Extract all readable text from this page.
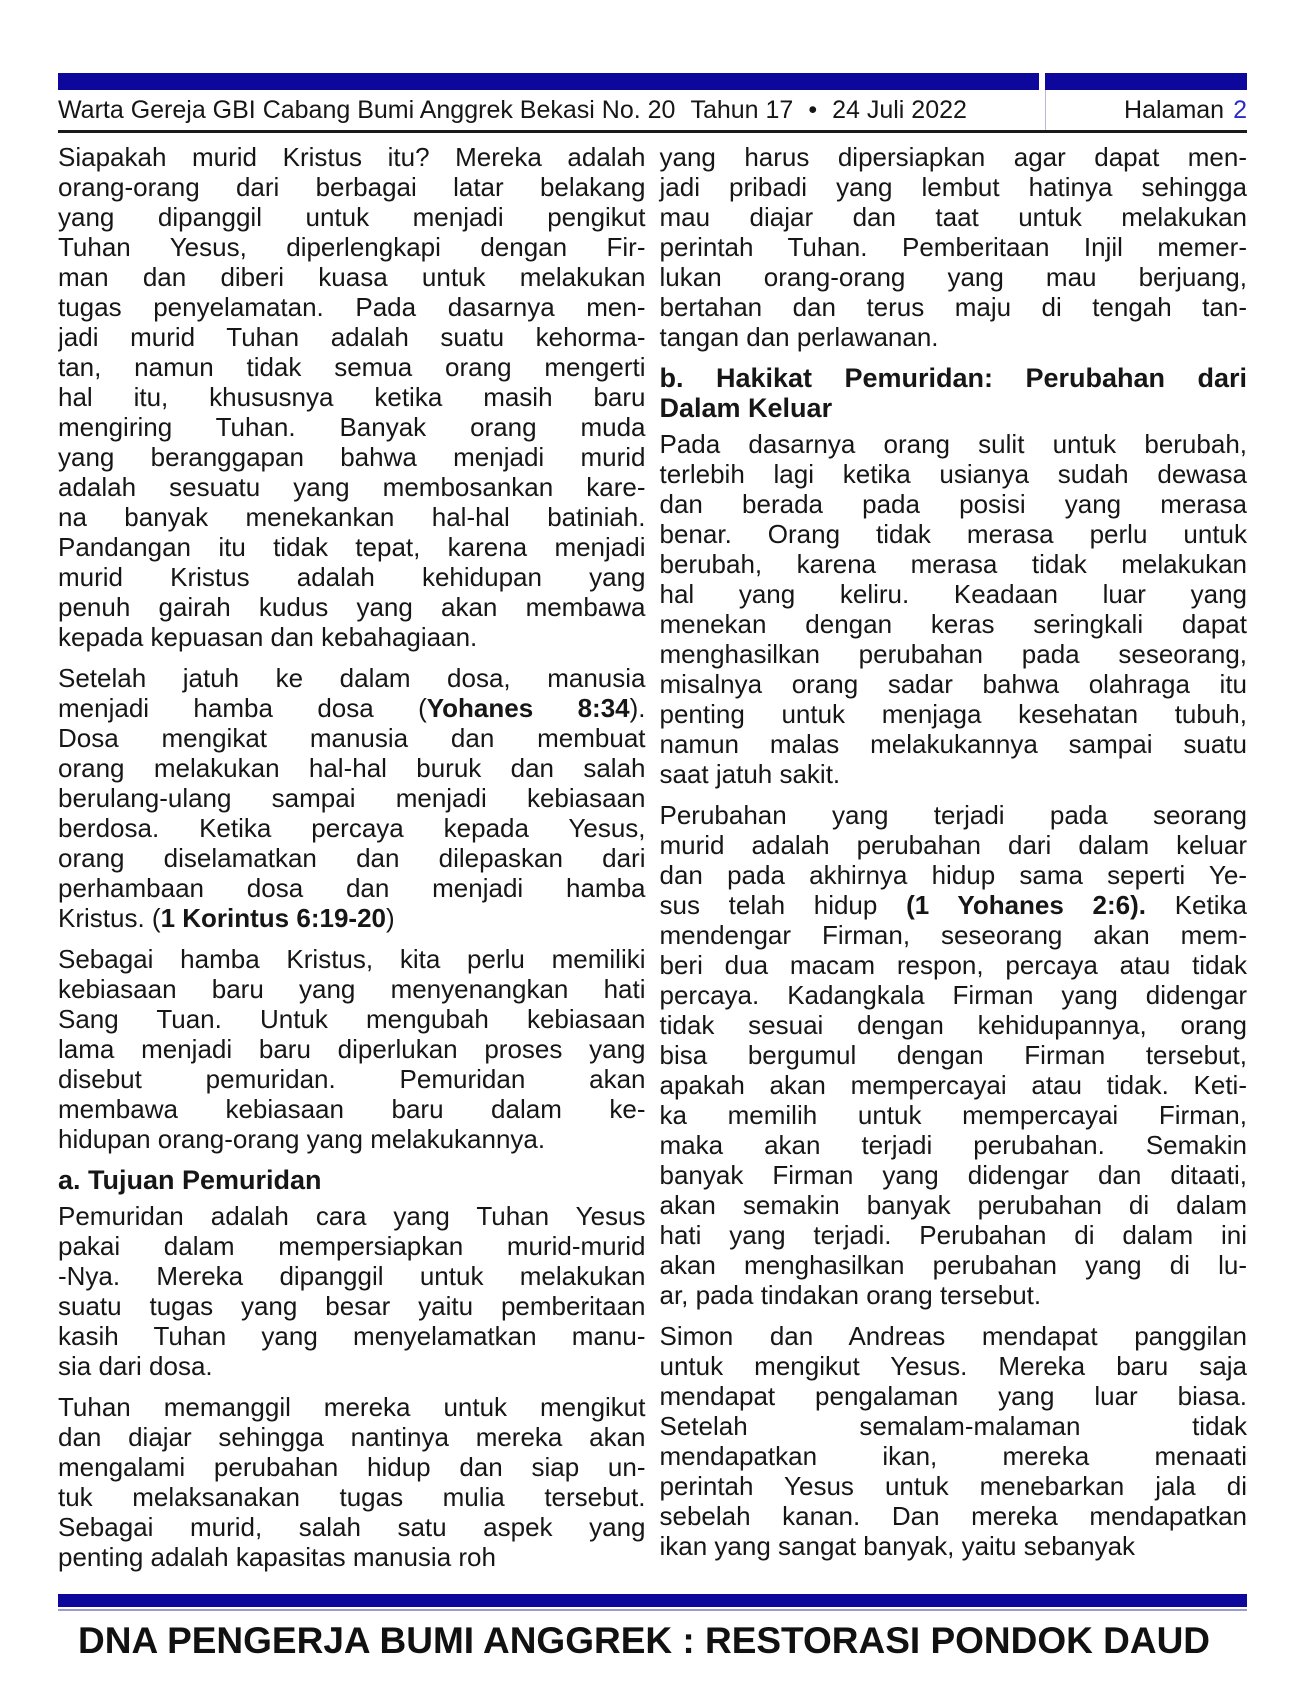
Warta Gereja GBI Cabang Bumi Anggrek Bekasi No. 20 Tahun 17 • 24 Juli 2022	Halaman 2
Siapakah murid Kristus itu? Mereka adalah
orang-orang dari berbagai latar belakang
yang dipanggil untuk menjadi pengikut
Tuhan Yesus, diperlengkapi dengan Fir-
man dan diberi kuasa untuk melakukan
tugas penyelamatan. Pada dasarnya men-
jadi murid Tuhan adalah suatu kehorma-
tan, namun tidak semua orang mengerti
hal itu, khususnya ketika masih baru
mengiring Tuhan. Banyak orang muda
yang beranggapan bahwa menjadi murid
adalah sesuatu yang membosankan kare-
na banyak menekankan hal-hal batiniah.
Pandangan itu tidak tepat, karena menjadi
murid Kristus adalah kehidupan yang
penuh gairah kudus yang akan membawa
kepada kepuasan dan kebahagiaan.
Setelah jatuh ke dalam dosa, manusia
menjadi hamba dosa (Yohanes 8:34).
Dosa mengikat manusia dan membuat
orang melakukan hal-hal buruk dan salah
berulang-ulang sampai menjadi kebiasaan
berdosa. Ketika percaya kepada Yesus,
orang diselamatkan dan dilepaskan dari
perhambaan dosa dan menjadi hamba
Kristus. (1 Korintus 6:19-20)
Sebagai hamba Kristus, kita perlu memiliki
kebiasaan baru yang menyenangkan hati
Sang Tuan. Untuk mengubah kebiasaan
lama menjadi baru diperlukan proses yang
disebut pemuridan. Pemuridan akan
membawa kebiasaan baru dalam ke-
hidupan orang-orang yang melakukannya.
a. Tujuan Pemuridan
Pemuridan adalah cara yang Tuhan Yesus
pakai dalam mempersiapkan murid-murid
-Nya. Mereka dipanggil untuk melakukan
suatu tugas yang besar yaitu pemberitaan
kasih Tuhan yang menyelamatkan manu-
sia dari dosa.
Tuhan memanggil mereka untuk mengikut
dan diajar sehingga nantinya mereka akan
mengalami perubahan hidup dan siap un-
tuk melaksanakan tugas mulia tersebut.
Sebagai murid, salah satu aspek yang
penting adalah kapasitas manusia roh
yang harus dipersiapkan agar dapat men-
jadi pribadi yang lembut hatinya sehingga
mau diajar dan taat untuk melakukan
perintah Tuhan. Pemberitaan Injil memer-
lukan orang-orang yang mau berjuang,
bertahan dan terus maju di tengah tan-
tangan dan perlawanan.
b. Hakikat Pemuridan: Perubahan dari
Dalam Keluar
Pada dasarnya orang sulit untuk berubah,
terlebih lagi ketika usianya sudah dewasa
dan berada pada posisi yang merasa
benar. Orang tidak merasa perlu untuk
berubah, karena merasa tidak melakukan
hal yang keliru. Keadaan luar yang
menekan dengan keras seringkali dapat
menghasilkan perubahan pada seseorang,
misalnya orang sadar bahwa olahraga itu
penting untuk menjaga kesehatan tubuh,
namun malas melakukannya sampai suatu
saat jatuh sakit.
Perubahan yang terjadi pada seorang
murid adalah perubahan dari dalam keluar
dan pada akhirnya hidup sama seperti Ye-
sus telah hidup (1 Yohanes 2:6). Ketika
mendengar Firman, seseorang akan mem-
beri dua macam respon, percaya atau tidak
percaya. Kadangkala Firman yang didengar
tidak sesuai dengan kehidupannya, orang
bisa bergumul dengan Firman tersebut,
apakah akan mempercayai atau tidak. Keti-
ka memilih untuk mempercayai Firman,
maka akan terjadi perubahan. Semakin
banyak Firman yang didengar dan ditaati,
akan semakin banyak perubahan di dalam
hati yang terjadi. Perubahan di dalam ini
akan menghasilkan perubahan yang di lu-
ar, pada tindakan orang tersebut.
Simon dan Andreas mendapat panggilan
untuk mengikut Yesus. Mereka baru saja
mendapat pengalaman yang luar biasa.
Setelah semalam-malaman tidak
mendapatkan ikan, mereka menaati
perintah Yesus untuk menebarkan jala di
sebelah kanan. Dan mereka mendapatkan
ikan yang sangat banyak, yaitu sebanyak
DNA PENGERJA BUMI ANGGREK : RESTORASI PONDOK DAUD
